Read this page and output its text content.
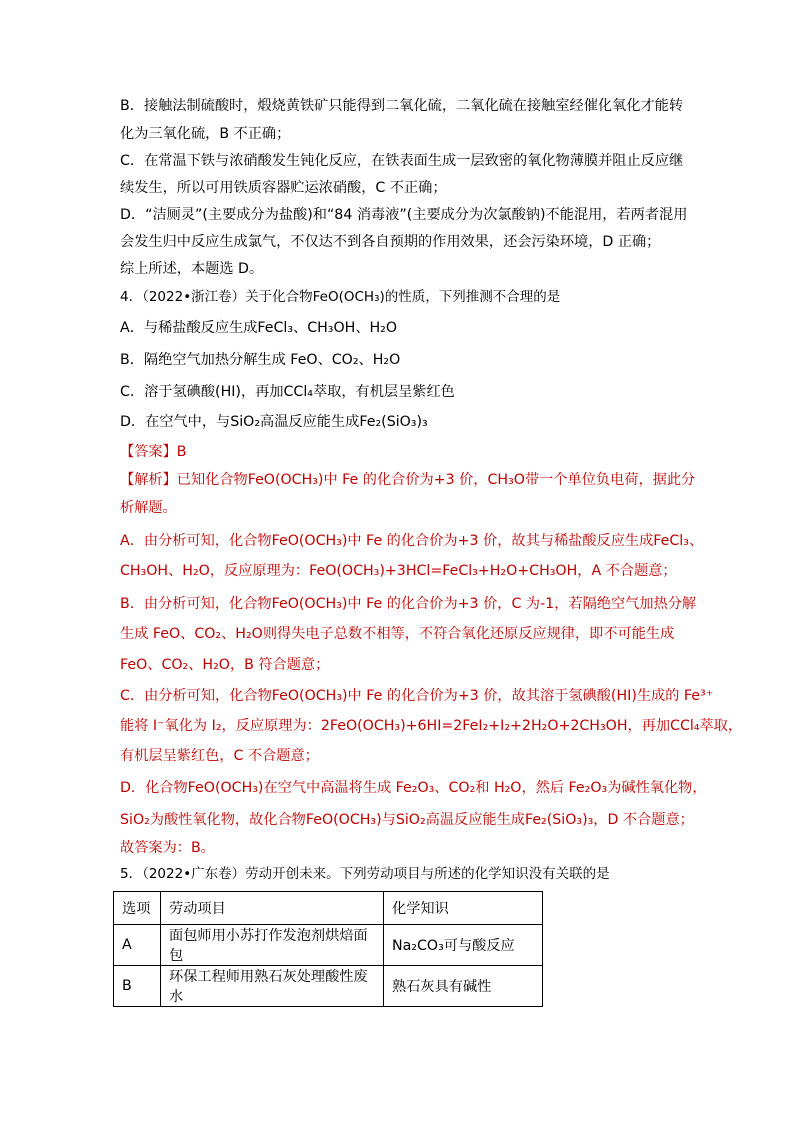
B．接触法制硫酸时，煅烧黄铁矿只能得到二氧化硫，二氧化硫在接触室经催化氧化才能转
化为三氧化硫，B 不正确；
C．在常温下铁与浓硝酸发生钝化反应，在铁表面生成一层致密的氧化物薄膜并阻止反应继
续发生，所以可用铁质容器贮运浓硝酸，C 不正确；
D．“洁厕灵”(主要成分为盐酸)和“84 消毒液”(主要成分为次氯酸钠)不能混用，若两者混用
会发生归中反应生成氯气，不仅达不到各自预期的作用效果，还会污染环境，D 正确；
综上所述，本题选 D。
4．（2022•浙江卷）关于化合物FeO(OCH₃)的性质，下列推测不合理的是
A．与稀盐酸反应生成FeCl₃、CH₃OH、H₂O
B．隔绝空气加热分解生成 FeO、CO₂、H₂O
C．溶于氢碘酸(HI)，再加CCl₄萃取，有机层呈紫红色
D．在空气中，与SiO₂高温反应能生成Fe₂(SiO₃)₃
【答案】B
【解析】已知化合物FeO(OCH₃)中 Fe 的化合价为+3 价，CH₃O带一个单位负电荷，据此分
析解题。
A．由分析可知，化合物FeO(OCH₃)中 Fe 的化合价为+3 价，故其与稀盐酸反应生成FeCl₃、
CH₃OH、H₂O，反应原理为：FeO(OCH₃)+3HCl=FeCl₃+H₂O+CH₃OH，A 不合题意；
B．由分析可知，化合物FeO(OCH₃)中 Fe 的化合价为+3 价，C 为-1，若隔绝空气加热分解
生成 FeO、CO₂、H₂O则得失电子总数不相等，不符合氧化还原反应规律，即不可能生成
FeO、CO₂、H₂O，B 符合题意；
C．由分析可知，化合物FeO(OCH₃)中 Fe 的化合价为+3 价，故其溶于氢碘酸(HI)生成的 Fe³⁺
能将 I⁻氧化为 I₂，反应原理为：2FeO(OCH₃)+6HI=2FeI₂+I₂+2H₂O+2CH₃OH，再加CCl₄萃取，
有机层呈紫红色，C 不合题意；
D．化合物FeO(OCH₃)在空气中高温将生成 Fe₂O₃、CO₂和 H₂O，然后 Fe₂O₃为碱性氧化物，
SiO₂为酸性氧化物，故化合物FeO(OCH₃)与SiO₂高温反应能生成Fe₂(SiO₃)₃，D 不合题意；
故答案为：B。
5．（2022•广东卷）劳动开创未来。下列劳动项目与所述的化学知识没有关联的是
选项	劳动项目	化学知识
A	面包师用小苏打作发泡剂烘焙面包	Na₂CO₃可与酸反应
B	环保工程师用熟石灰处理酸性废水	熟石灰具有碱性
